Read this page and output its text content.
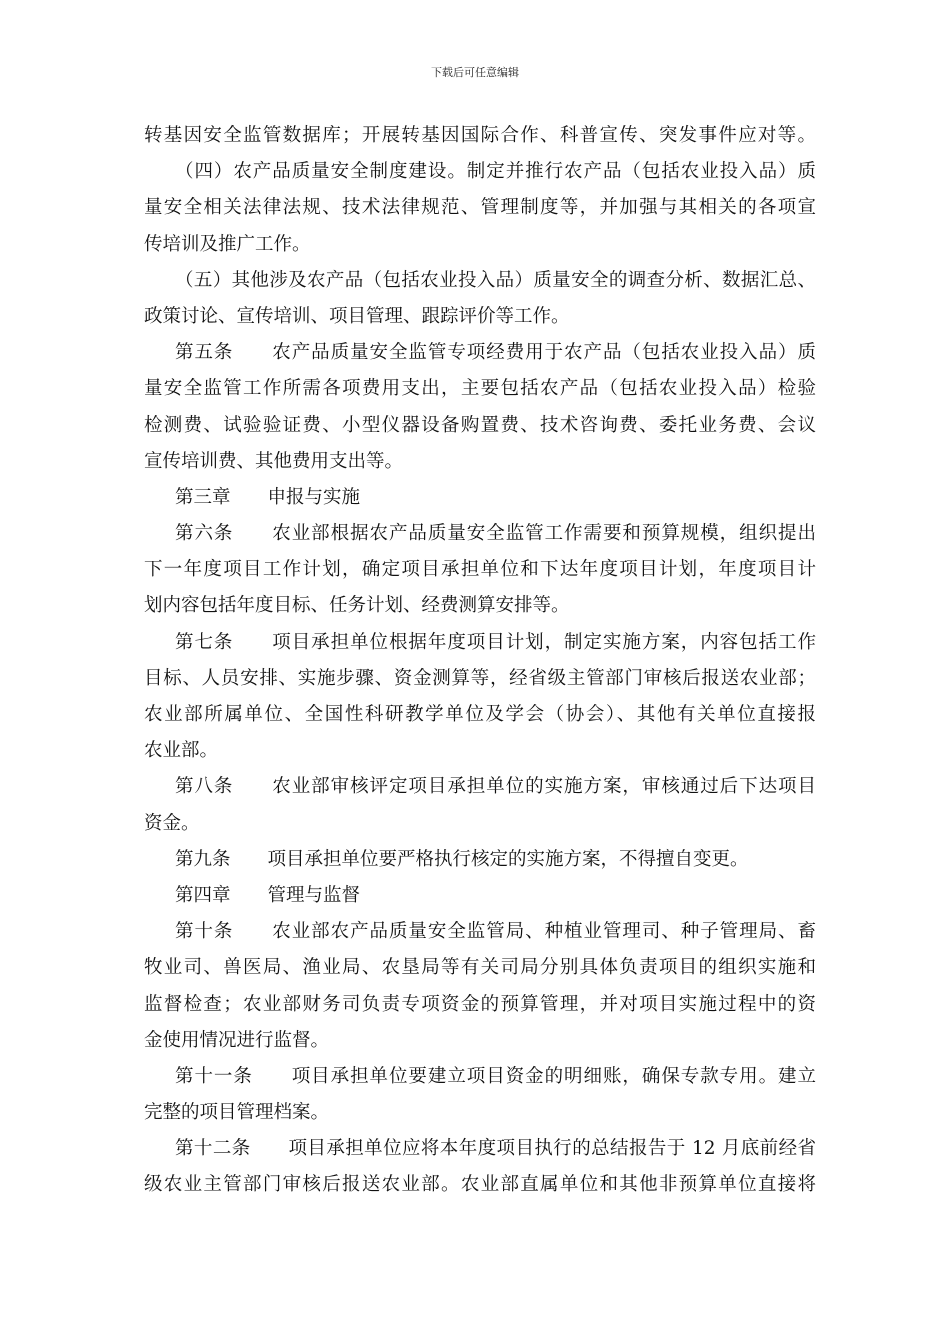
下载后可任意编辑
转基因安全监管数据库；开展转基因国际合作、科普宣传、突发事件应对等。
（四）农产品质量安全制度建设。制定并推行农产品（包括农业投入品）质
量安全相关法律法规、技术法律规范、管理制度等，并加强与其相关的各项宣
传培训及推广工作。
（五）其他涉及农产品（包括农业投入品）质量安全的调查分析、数据汇总、
政策讨论、宣传培训、项目管理、跟踪评价等工作。
第五条　　农产品质量安全监管专项经费用于农产品（包括农业投入品）质
量安全监管工作所需各项费用支出，主要包括农产品（包括农业投入品）检验
检测费、试验验证费、小型仪器设备购置费、技术咨询费、委托业务费、会议
宣传培训费、其他费用支出等。
第三章　　申报与实施
第六条　　农业部根据农产品质量安全监管工作需要和预算规模，组织提出
下一年度项目工作计划，确定项目承担单位和下达年度项目计划，年度项目计
划内容包括年度目标、任务计划、经费测算安排等。
第七条　　项目承担单位根据年度项目计划，制定实施方案，内容包括工作
目标、人员安排、实施步骤、资金测算等，经省级主管部门审核后报送农业部；
农业部所属单位、全国性科研教学单位及学会（协会）、其他有关单位直接报
农业部。
第八条　　农业部审核评定项目承担单位的实施方案，审核通过后下达项目
资金。
第九条　　项目承担单位要严格执行核定的实施方案，不得擅自变更。
第四章　　管理与监督
第十条　　农业部农产品质量安全监管局、种植业管理司、种子管理局、畜
牧业司、兽医局、渔业局、农垦局等有关司局分别具体负责项目的组织实施和
监督检查；农业部财务司负责专项资金的预算管理，并对项目实施过程中的资
金使用情况进行监督。
第十一条　　项目承担单位要建立项目资金的明细账，确保专款专用。建立
完整的项目管理档案。
第十二条　　项目承担单位应将本年度项目执行的总结报告于 12 月底前经省
级农业主管部门审核后报送农业部。农业部直属单位和其他非预算单位直接将
